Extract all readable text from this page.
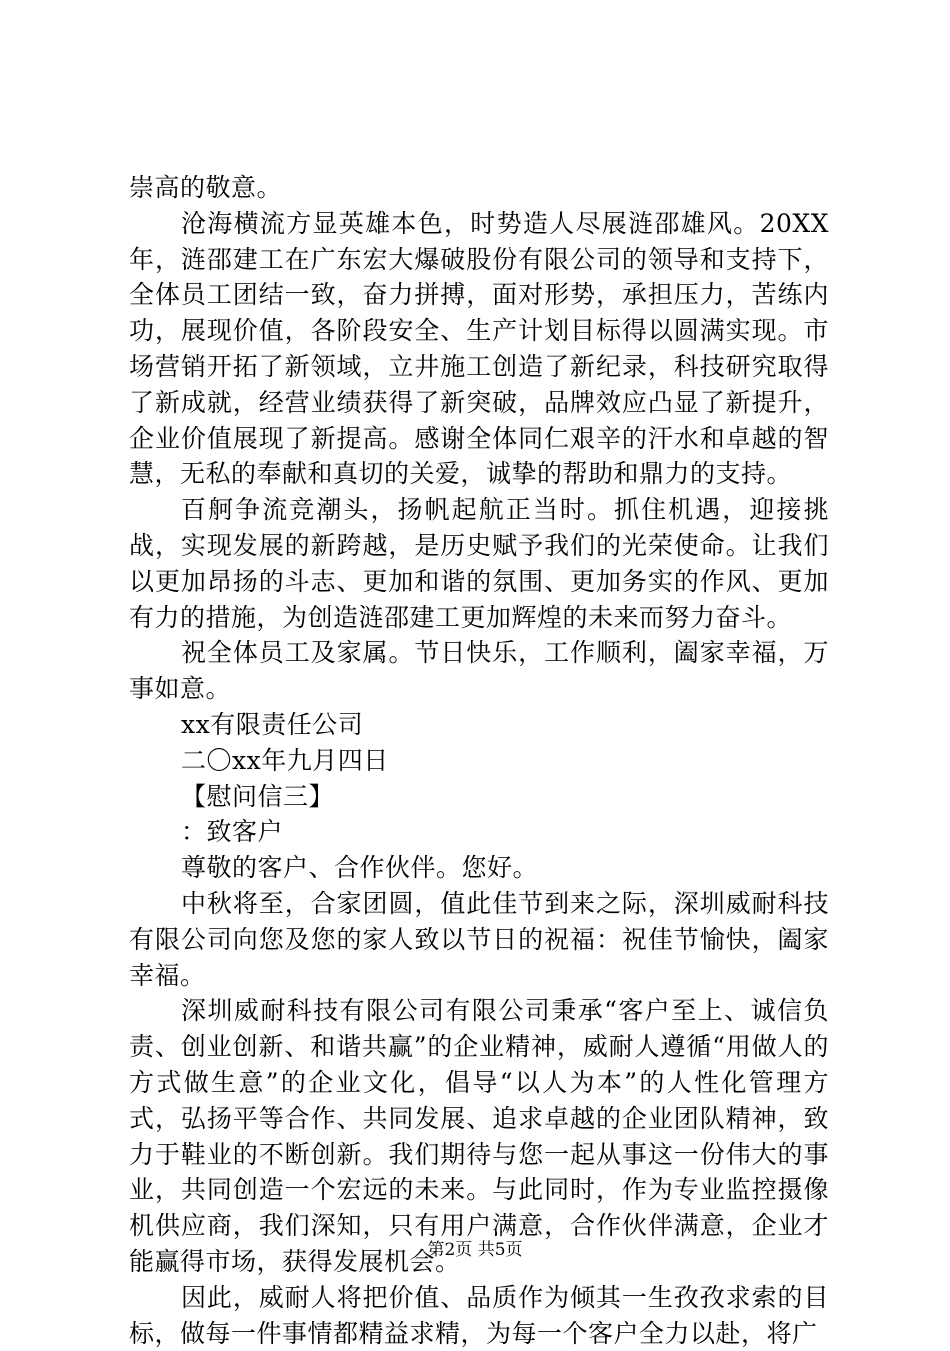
崇高的敬意。

沧海横流方显英雄本色，时势造人尽展涟邵雄风。20XX年，涟邵建工在广东宏大爆破股份有限公司的领导和支持下，全体员工团结一致，奋力拼搏，面对形势，承担压力，苦练内功，展现价值，各阶段安全、生产计划目标得以圆满实现。市场营销开拓了新领域，立井施工创造了新纪录，科技研究取得了新成就，经营业绩获得了新突破，品牌效应凸显了新提升，企业价值展现了新提高。感谢全体同仁艰辛的汗水和卓越的智慧，无私的奉献和真切的关爱，诚挚的帮助和鼎力的支持。

百舸争流竞潮头，扬帆起航正当时。抓住机遇，迎接挑战，实现发展的新跨越，是历史赋予我们的光荣使命。让我们以更加昂扬的斗志、更加和谐的氛围、更加务实的作风、更加有力的措施，为创造涟邵建工更加辉煌的未来而努力奋斗。

祝全体员工及家属。节日快乐，工作顺利，阖家幸福，万事如意。

xx有限责任公司

二〇xx年九月四日

【慰问信三】

：致客户

尊敬的客户、合作伙伴。您好。

中秋将至，合家团圆，值此佳节到来之际，深圳威耐科技有限公司向您及您的家人致以节日的祝福：祝佳节愉快，阖家幸福。

深圳威耐科技有限公司有限公司秉承“客户至上、诚信负责、创业创新、和谐共赢”的企业精神，威耐人遵循“用做人的方式做生意”的企业文化，倡导“以人为本”的人性化管理方式，弘扬平等合作、共同发展、追求卓越的企业团队精神，致力于鞋业的不断创新。我们期待与您一起从事这一份伟大的事业，共同创造一个宏远的未来。与此同时，作为专业监控摄像机供应商，我们深知，只有用户满意，合作伙伴满意，企业才能赢得市场，获得发展机会。

因此，威耐人将把价值、品质作为倾其一生孜孜求索的目标，做每一件事情都精益求精，为每一个客户全力以赴，将广

第2页 共5页
